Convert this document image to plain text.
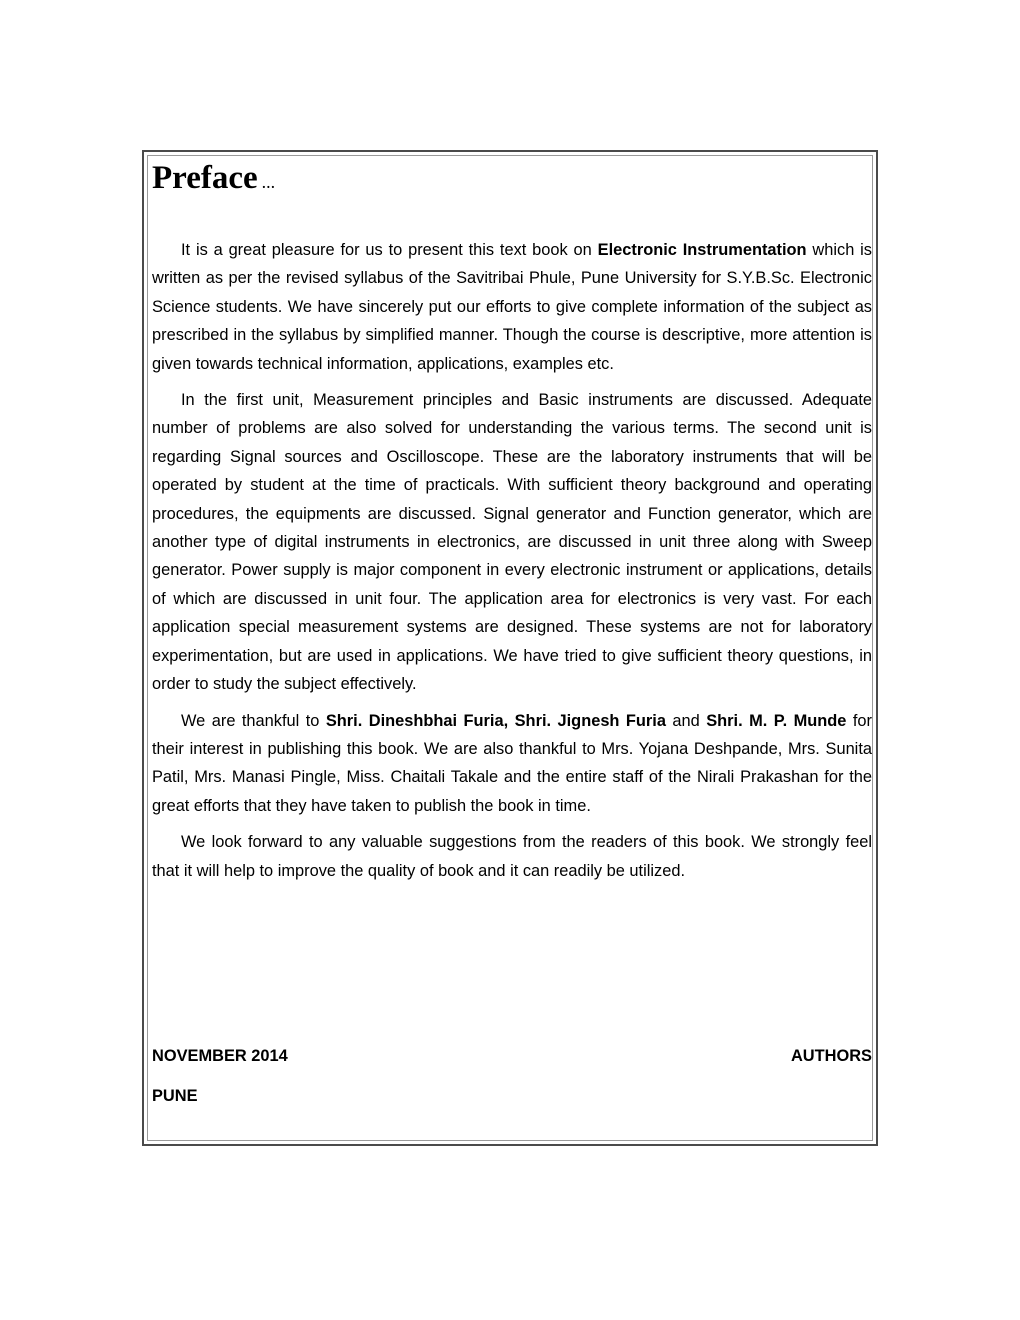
Preface ...

It is a great pleasure for us to present this text book on Electronic Instrumentation which is written as per the revised syllabus of the Savitribai Phule, Pune University for S.Y.B.Sc. Electronic Science students. We have sincerely put our efforts to give complete information of the subject as prescribed in the syllabus by simplified manner. Though the course is descriptive, more attention is given towards technical information, applications, examples etc.

In the first unit, Measurement principles and Basic instruments are discussed. Adequate number of problems are also solved for understanding the various terms. The second unit is regarding Signal sources and Oscilloscope. These are the laboratory instruments that will be operated by student at the time of practicals. With sufficient theory background and operating procedures, the equipments are discussed. Signal generator and Function generator, which are another type of digital instruments in electronics, are discussed in unit three along with Sweep generator. Power supply is major component in every electronic instrument or applications, details of which are discussed in unit four. The application area for electronics is very vast. For each application special measurement systems are designed. These systems are not for laboratory experimentation, but are used in applications. We have tried to give sufficient theory questions, in order to study the subject effectively.

We are thankful to Shri. Dineshbhai Furia, Shri. Jignesh Furia and Shri. M. P. Munde for their interest in publishing this book. We are also thankful to Mrs. Yojana Deshpande, Mrs. Sunita Patil, Mrs. Manasi Pingle, Miss. Chaitali Takale and the entire staff of the Nirali Prakashan for the great efforts that they have taken to publish the book in time.

We look forward to any valuable suggestions from the readers of this book. We strongly feel that it will help to improve the quality of book and it can readily be utilized.

NOVEMBER 2014	AUTHORS
PUNE
